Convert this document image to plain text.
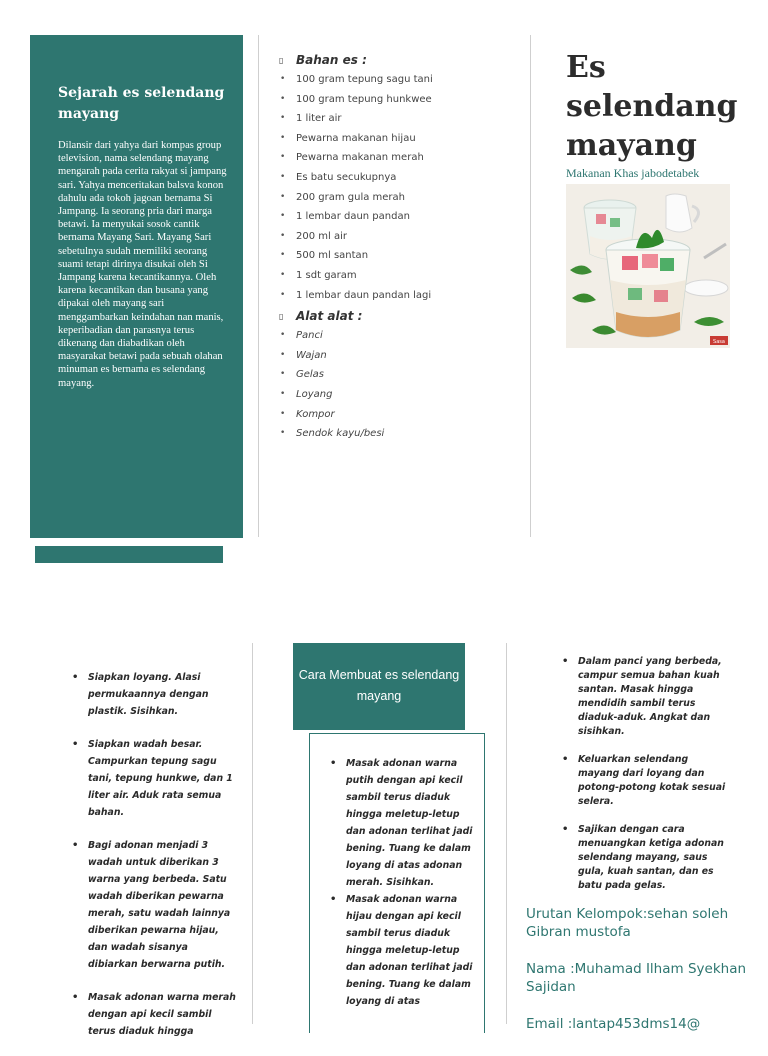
Sejarah es selendang mayang

Dilansir dari yahya dari kompas group television, nama selendang mayang mengarah pada cerita rakyat si jampang sari. Yahya menceritakan balsva konon dahulu ada tokoh jagoan bernama Si Jampang. Ia seorang pria dari marga betawi. Ia menyukai sosok cantik bernama Mayang Sari. Mayang Sari sebetulnya sudah memiliki seorang suami tetapi dirinya disukai oleh Si Jampang karena kecantikannya. Oleh karena kecantikan dan busana yang dipakai oleh mayang sari menggambarkan keindahan nan manis, keperibadian dan parasnya terus dikenang dan diabadikan oleh masyarakat betawi pada sebuah olahan minuman es bernama es selendang mayang.

▯	Bahan es :
• 100 gram tepung sagu tani
• 100 gram tepung hunkwee
• 1 liter air
• Pewarna makanan hijau
• Pewarna makanan merah
• Es batu secukupnya
• 200 gram gula merah
• 1 lembar daun pandan
• 200 ml air
• 500 ml santan
• 1 sdt garam
• 1 lembar daun pandan lagi
▯	Alat alat :
• Panci
• Wajan
• Gelas
• Loyang
• Kompor
• Sendok kayu/besi
Es selendang mayang
Makanan Khas jabodetabek
Sasa
• Siapkan loyang. Alasi permukaannya dengan plastik. Sisihkan.
• Siapkan wadah besar. Campurkan tepung sagu tani, tepung hunkwe, dan 1 liter air. Aduk rata semua bahan.
• Bagi adonan menjadi 3 wadah untuk diberikan 3 warna yang berbeda. Satu wadah diberikan pewarna merah, satu wadah lainnya diberikan pewarna hijau, dan wadah sisanya dibiarkan berwarna putih.
• Masak adonan warna merah dengan api kecil sambil terus diaduk hingga
Cara Membuat es selendang mayang
• Masak adonan warna putih dengan api kecil sambil terus diaduk hingga meletup-letup dan adonan terlihat jadi bening. Tuang ke dalam loyang di atas adonan merah. Sisihkan.
• Masak adonan warna hijau dengan api kecil sambil terus diaduk hingga meletup-letup dan adonan terlihat jadi bening. Tuang ke dalam loyang di atas
• Dalam panci yang berbeda, campur semua bahan kuah santan. Masak hingga mendidih sambil terus diaduk-aduk. Angkat dan sisihkan.
• Keluarkan selendang mayang dari loyang dan potong-potong kotak sesuai selera.
• Sajikan dengan cara menuangkan ketiga adonan selendang mayang, saus gula, kuah santan, dan es batu pada gelas.

Urutan Kelompok:sehan soleh Gibran mustofa

Nama :Muhamad Ilham Syekhan Sajidan

Email :lantap453dms14@
